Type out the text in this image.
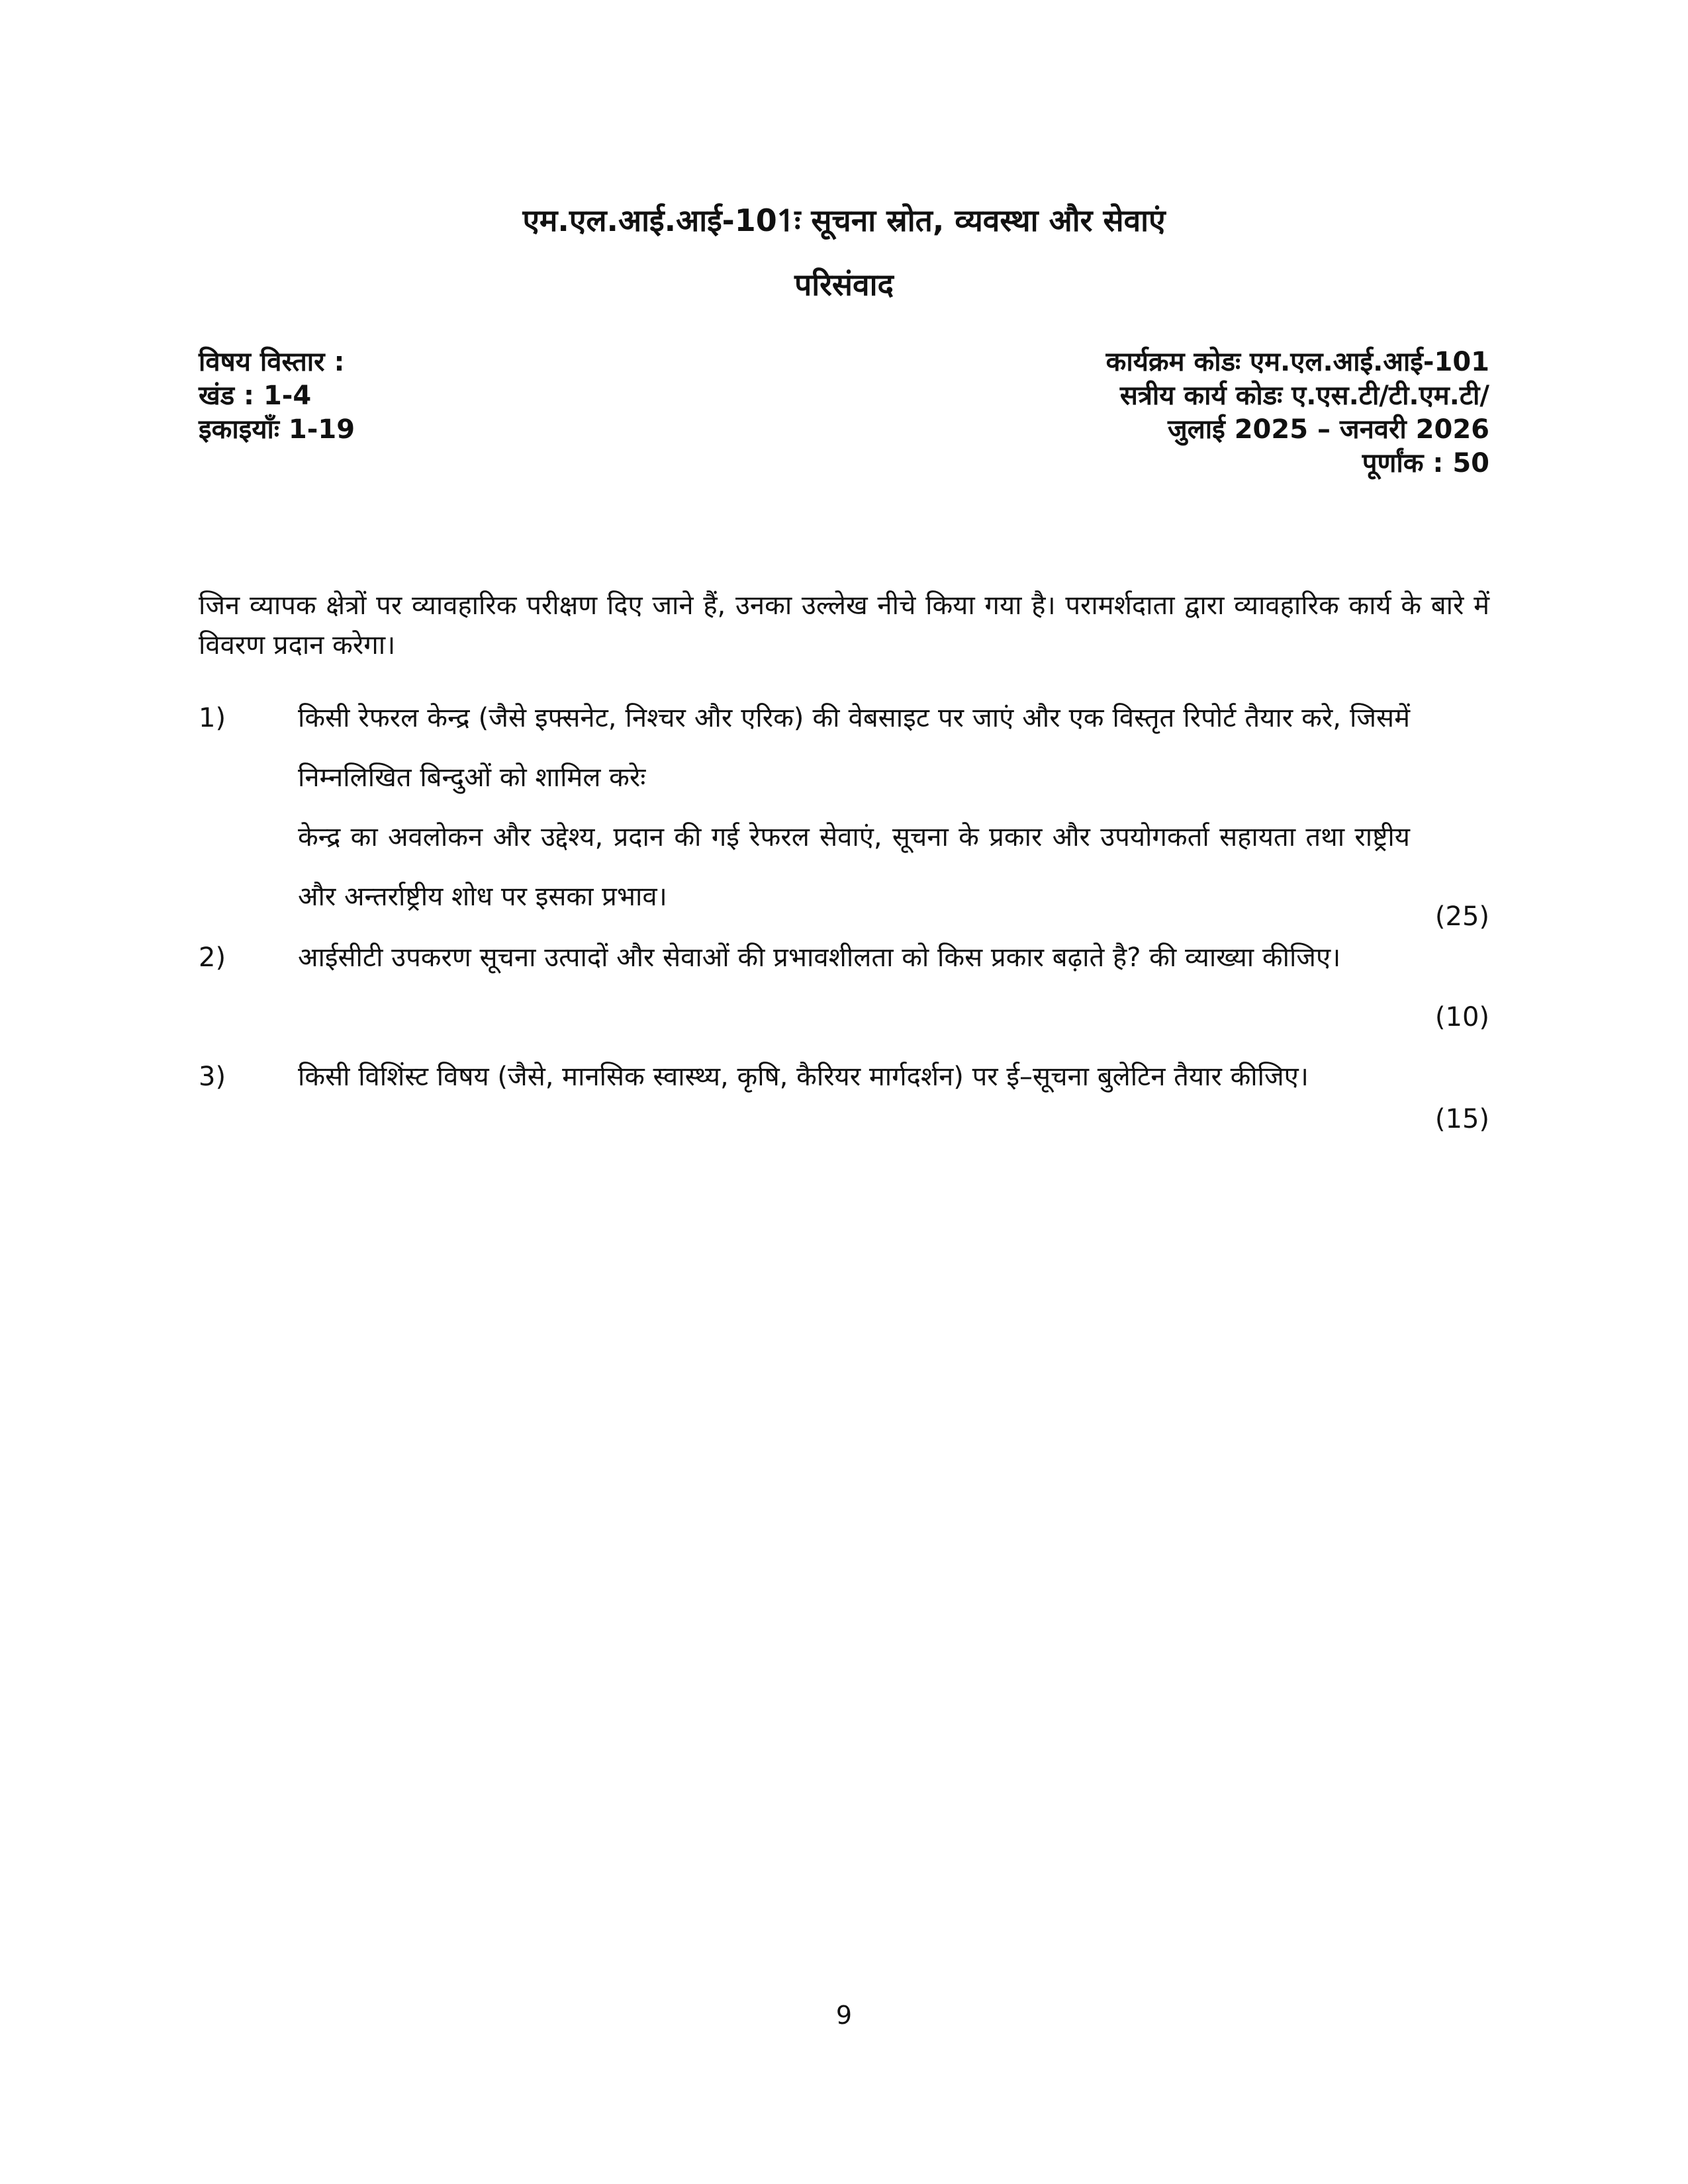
एम.एल.आई.आई-101ः सूचना स्रोत, व्यवस्था और सेवाएं
परिसंवाद
विषय विस्तार :
खंड : 1-4
इकाइयाँः 1-19
कार्यक्रम कोडः एम.एल.आई.आई-101
सत्रीय कार्य कोडः ए.एस.टी/टी.एम.टी/
जुलाई 2025 – जनवरी 2026
पूर्णांक : 50
जिन व्यापक क्षेत्रों पर व्यावहारिक परीक्षण दिए जाने हैं, उनका उल्लेख नीचे किया गया है। परामर्शदाता द्वारा व्यावहारिक कार्य के बारे में विवरण प्रदान करेगा।
1)	किसी रेफरल केन्द्र (जैसे इफ्सनेट, निश्चर और एरिक) की वेबसाइट पर जाएं और एक विस्तृत रिपोर्ट तैयार करे, जिसमें निम्नलिखित बिन्दुओं को शामिल करेः
केन्द्र का अवलोकन और उद्देश्य, प्रदान की गई रेफरल सेवाएं, सूचना के प्रकार और उपयोगकर्ता सहायता तथा राष्ट्रीय और अन्तर्राष्ट्रीय शोध पर इसका प्रभाव।
(25)
2)	आईसीटी उपकरण सूचना उत्पादों और सेवाओं की प्रभावशीलता को किस प्रकार बढ़ाते है? की व्याख्या कीजिए।
(10)
3)	किसी विशिंस्ट विषय (जैसे, मानसिक स्वास्थ्य, कृषि, कैरियर मार्गदर्शन) पर ई–सूचना बुलेटिन तैयार कीजिए।
(15)
9
